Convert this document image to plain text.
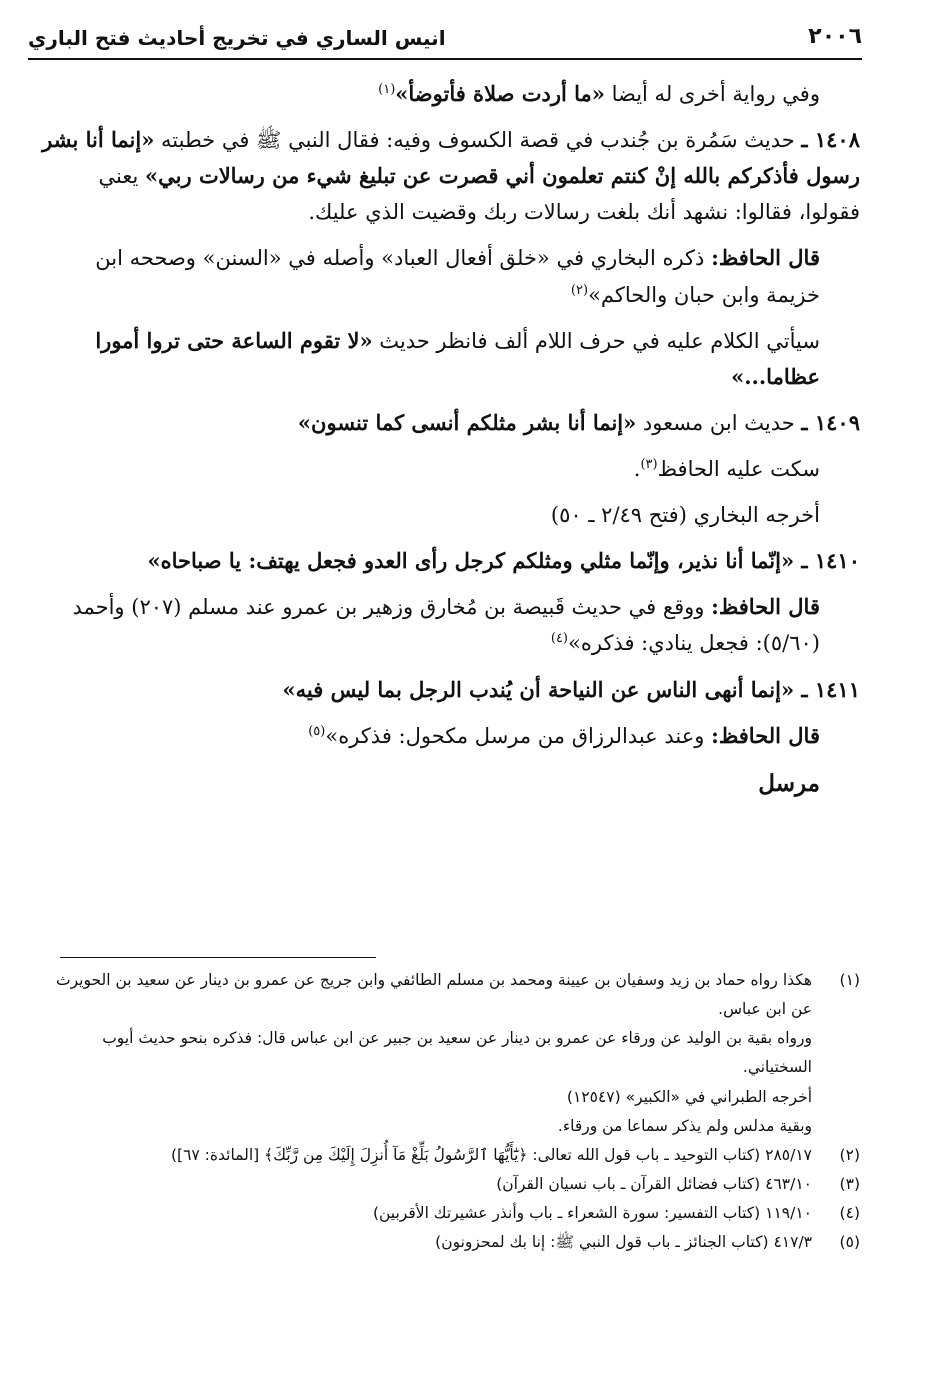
٢٠٠٦
انيس الساري في تخريج أحاديث فتح الباري

وفي رواية أخرى له أيضا «ما أردت صلاة فأتوضأ»$^{(١)}$

١٤٠٨ ـ حديث سَمُرة بن جُندب في قصة الكسوف وفيه: فقال النبي ﷺ في خطبته «إنما أنا بشر رسول فأذكركم بالله إنْ كنتم تعلمون أني قصرت عن تبليغ شيء من رسالات ربي» يعني فقولوا، فقالوا: نشهد أنك بلغت رسالات ربك وقضيت الذي عليك.

قال الحافظ: ذكره البخاري في «خلق أفعال العباد» وأصله في «السنن» وصححه ابن خزيمة وابن حبان والحاكم»$^{(٢)}$

سيأتي الكلام عليه في حرف اللام ألف فانظر حديث «لا تقوم الساعة حتى تروا أمورا عظاما...»

١٤٠٩ ـ حديث ابن مسعود «إنما أنا بشر مثلكم أنسى كما تنسون»

سكت عليه الحافظ$^{(٣)}$.

أخرجه البخاري (فتح ٢/٤٩ ـ ٥٠)

١٤١٠ ـ «إنّما أنا نذير، وإنّما مثلي ومثلكم كرجل رأى العدو فجعل يهتف: يا صباحاه»

قال الحافظ: ووقع في حديث قَبيصة بن مُخارق وزهير بن عمرو عند مسلم (٢٠٧) وأحمد (٥/٦٠): فجعل ينادي: فذكره»$^{(٤)}$

١٤١١ ـ «إنما أنهى الناس عن النياحة أن يُندب الرجل بما ليس فيه»

قال الحافظ: وعند عبدالرزاق من مرسل مكحول: فذكره»$^{(٥)}$

مرسل

(١)
هكذا رواه حماد بن زيد وسفيان بن عيينة ومحمد بن مسلم الطائفي وابن جريج عن عمرو بن دينار عن سعيد بن الحويرث عن ابن عباس.
ورواه بقية بن الوليد عن ورقاء عن عمرو بن دينار عن سعيد بن جبير عن ابن عباس قال: فذكره بنحو حديث أيوب السختياني.
أخرجه الطبراني في «الكبير» (١٢٥٤٧)
وبقية مدلس ولم يذكر سماعا من ورقاء.
(٢)
٢٨٥/١٧ (كتاب التوحيد ـ باب قول الله تعالى: ﴿يَٰٓأَيُّهَا ٱلرَّسُولُ بَلِّغْ مَآ أُنزِلَ إِلَيْكَ مِن رَّبِّكَ﴾ [المائدة: ٦٧])
(٣)
٤٦٣/١٠ (كتاب فضائل القرآن ـ باب نسيان القرآن)
(٤)
١١٩/١٠ (كتاب التفسير: سورة الشعراء ـ باب وأنذر عشيرتك الأقربين)
(٥)
٤١٧/٣ (كتاب الجنائز ـ باب قول النبي ﷺ: إنا بك لمحزونون)
